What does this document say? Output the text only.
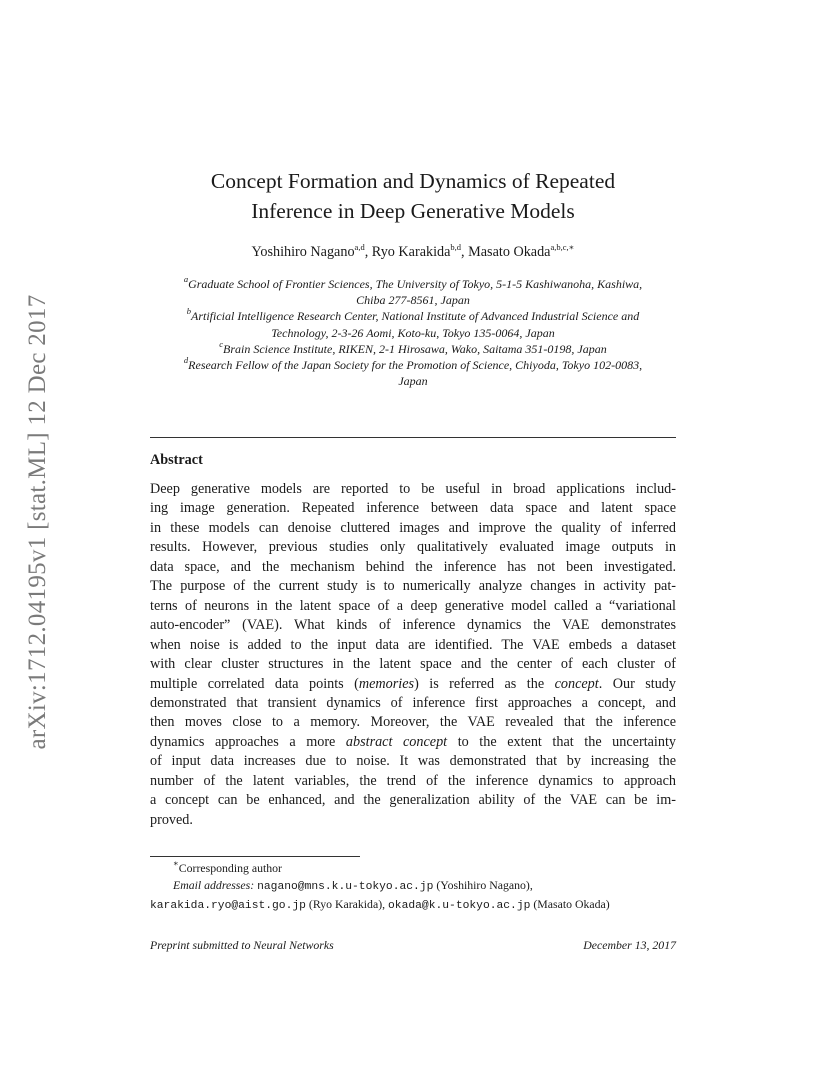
arXiv:1712.04195v1 [stat.ML] 12 Dec 2017
Concept Formation and Dynamics of Repeated
Inference in Deep Generative Models
Yoshihiro Nagano$^{a,d}$, Ryo Karakida$^{b,d}$, Masato Okada$^{a,b,c,∗}$
$^a$Graduate School of Frontier Sciences, The University of Tokyo, 5-1-5 Kashiwanoha, Kashiwa,
Chiba 277-8561, Japan
$^b$Artificial Intelligence Research Center, National Institute of Advanced Industrial Science and
Technology, 2-3-26 Aomi, Koto-ku, Tokyo 135-0064, Japan
$^c$Brain Science Institute, RIKEN, 2-1 Hirosawa, Wako, Saitama 351-0198, Japan
$^d$Research Fellow of the Japan Society for the Promotion of Science, Chiyoda, Tokyo 102-0083,
Japan
Abstract
Deep generative models are reported to be useful in broad applications includ-
ing image generation. Repeated inference between data space and latent space
in these models can denoise cluttered images and improve the quality of inferred
results. However, previous studies only qualitatively evaluated image outputs in
data space, and the mechanism behind the inference has not been investigated.
The purpose of the current study is to numerically analyze changes in activity pat-
terns of neurons in the latent space of a deep generative model called a “variational
auto-encoder” (VAE). What kinds of inference dynamics the VAE demonstrates
when noise is added to the input data are identified. The VAE embeds a dataset
with clear cluster structures in the latent space and the center of each cluster of
multiple correlated data points (memories) is referred as the concept. Our study
demonstrated that transient dynamics of inference first approaches a concept, and
then moves close to a memory. Moreover, the VAE revealed that the inference
dynamics approaches a more abstract concept to the extent that the uncertainty
of input data increases due to noise. It was demonstrated that by increasing the
number of the latent variables, the trend of the inference dynamics to approach
a concept can be enhanced, and the generalization ability of the VAE can be im-
proved.
∗Corresponding author
Email addresses: nagano@mns.k.u-tokyo.ac.jp (Yoshihiro Nagano),
karakida.ryo@aist.go.jp (Ryo Karakida), okada@k.u-tokyo.ac.jp (Masato Okada)
Preprint submitted to Neural Networks	December 13, 2017
